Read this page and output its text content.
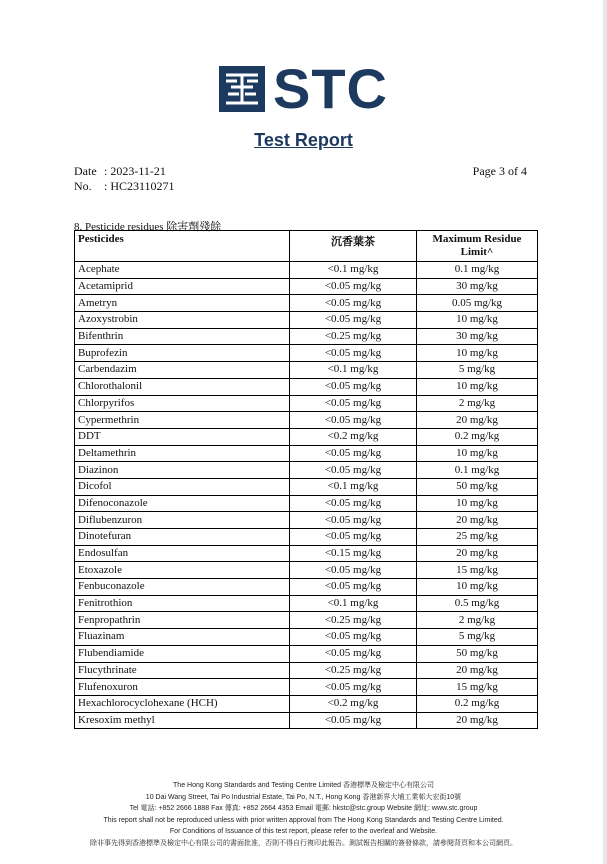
STC
Test Report
Date : 2023-11-21
No.	: HC23110271
Page 3 of 4
8. Pesticide residues 除害劑殘餘
Pesticides	沉香葉茶	Maximum Residue Limit^
Acephate	<0.1 mg/kg	0.1 mg/kg
Acetamiprid	<0.05 mg/kg	30 mg/kg
Ametryn	<0.05 mg/kg	0.05 mg/kg
Azoxystrobin	<0.05 mg/kg	10 mg/kg
Bifenthrin	<0.25 mg/kg	30 mg/kg
Buprofezin	<0.05 mg/kg	10 mg/kg
Carbendazim	<0.1 mg/kg	5 mg/kg
Chlorothalonil	<0.05 mg/kg	10 mg/kg
Chlorpyrifos	<0.05 mg/kg	2 mg/kg
Cypermethrin	<0.05 mg/kg	20 mg/kg
DDT	<0.2 mg/kg	0.2 mg/kg
Deltamethrin	<0.05 mg/kg	10 mg/kg
Diazinon	<0.05 mg/kg	0.1 mg/kg
Dicofol	<0.1 mg/kg	50 mg/kg
Difenoconazole	<0.05 mg/kg	10 mg/kg
Diflubenzuron	<0.05 mg/kg	20 mg/kg
Dinotefuran	<0.05 mg/kg	25 mg/kg
Endosulfan	<0.15 mg/kg	20 mg/kg
Etoxazole	<0.05 mg/kg	15 mg/kg
Fenbuconazole	<0.05 mg/kg	10 mg/kg
Fenitrothion	<0.1 mg/kg	0.5 mg/kg
Fenpropathrin	<0.25 mg/kg	2 mg/kg
Fluazinam	<0.05 mg/kg	5 mg/kg
Flubendiamide	<0.05 mg/kg	50 mg/kg
Flucythrinate	<0.25 mg/kg	20 mg/kg
Flufenoxuron	<0.05 mg/kg	15 mg/kg
Hexachlorocyclohexane (HCH)	<0.2 mg/kg	0.2 mg/kg
Kresoxim methyl	<0.05 mg/kg	20 mg/kg
The Hong Kong Standards and Testing Centre Limited 香港標準及檢定中心有限公司
10 Dai Wang Street, Tai Po Industrial Estate, Tai Po, N.T., Hong Kong 香港新界大埔工業邨大宏街10號
Tel 電話: +852 2666 1888 Fax 傳真: +852 2664 4353 Email 電郵: hkstc@stc.group Website 網址: www.stc.group
This report shall not be reproduced unless with prior written approval from The Hong Kong Standards and Testing Centre Limited.
For Conditions of Issuance of this test report, please refer to the overleaf and Website.
除非事先得到香港標準及檢定中心有限公司的書面批准，否則不得自行複印此報告。測試報告相關的簽發條款，請參閱背頁和本公司網頁。
